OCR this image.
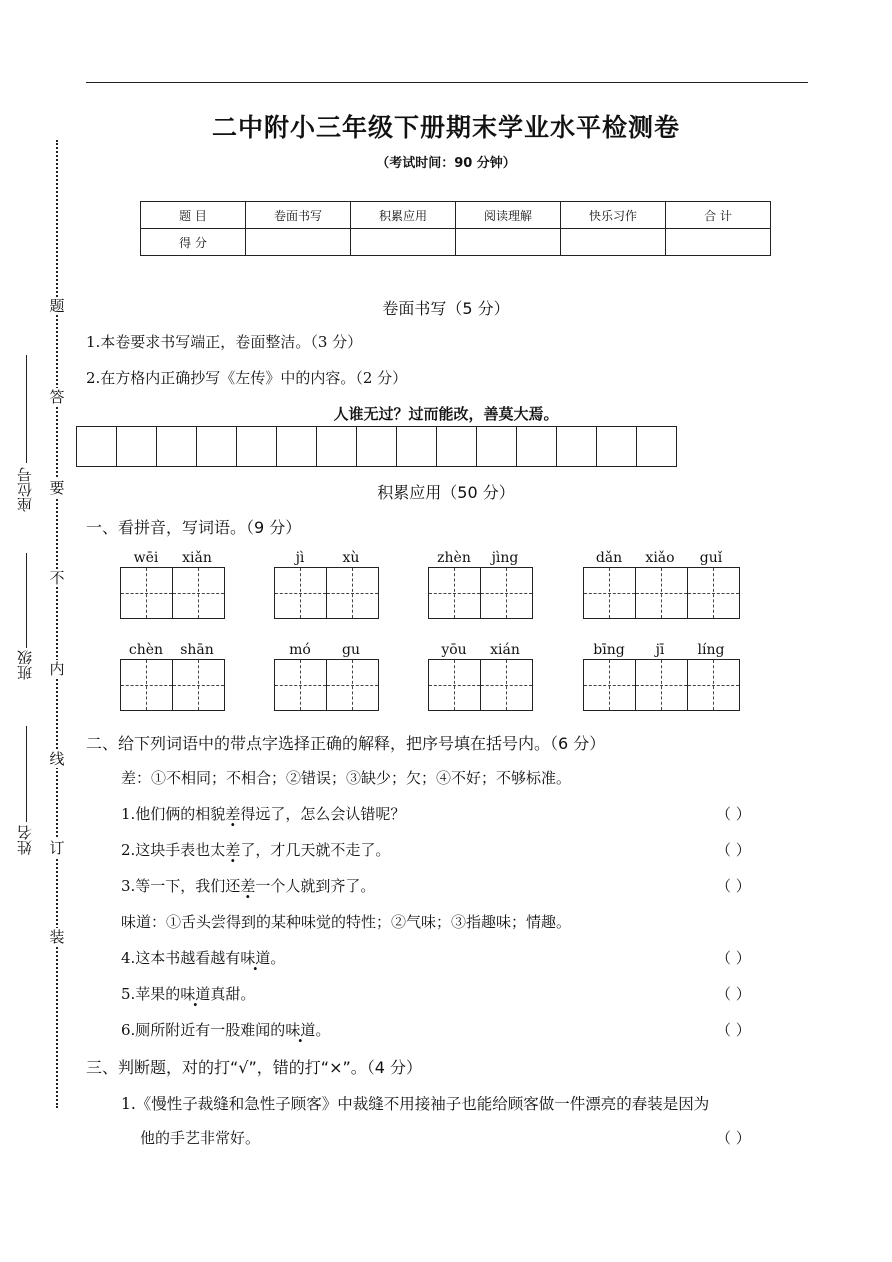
题
答
要
不
内
线
订
装
座位号
班级
姓名
二中附小三年级下册期末学业水平检测卷
（考试时间：90 分钟）
题 目	卷面书写	积累应用	阅读理解	快乐习作	合 计
得 分					
卷面书写（5 分）
1.本卷要求书写端正，卷面整洁。（3 分）
2.在方格内正确抄写《左传》中的内容。（2 分）
人谁无过？过而能改，善莫大焉。
积累应用（50 分）
一、看拼音，写词语。（9 分）
wēi	xiǎn	jì	xù	zhèn	jìng	dǎn	xiǎo	guǐ
chèn	shān	mó	gu	yōu	xián	bīng	jī	líng
二、给下列词语中的带点字选择正确的解释，把序号填在括号内。（6 分）
差：①不相同；不相合；②错误；③缺少；欠；④不好；不够标准。
1.他们俩的相貌差得远了，怎么会认错呢？	（ ）
2.这块手表也太差了，才几天就不走了。	（ ）
3.等一下，我们还差一个人就到齐了。	（ ）
味道：①舌头尝得到的某种味觉的特性；②气味；③指趣味；情趣。
4.这本书越看越有味道。	（ ）
5.苹果的味道真甜。	（ ）
6.厕所附近有一股难闻的味道。	（ ）
三、判断题，对的打“√”，错的打“×”。（4 分）
1.《慢性子裁缝和急性子顾客》中裁缝不用接袖子也能给顾客做一件漂亮的春装是因为
他的手艺非常好。	（ ）
